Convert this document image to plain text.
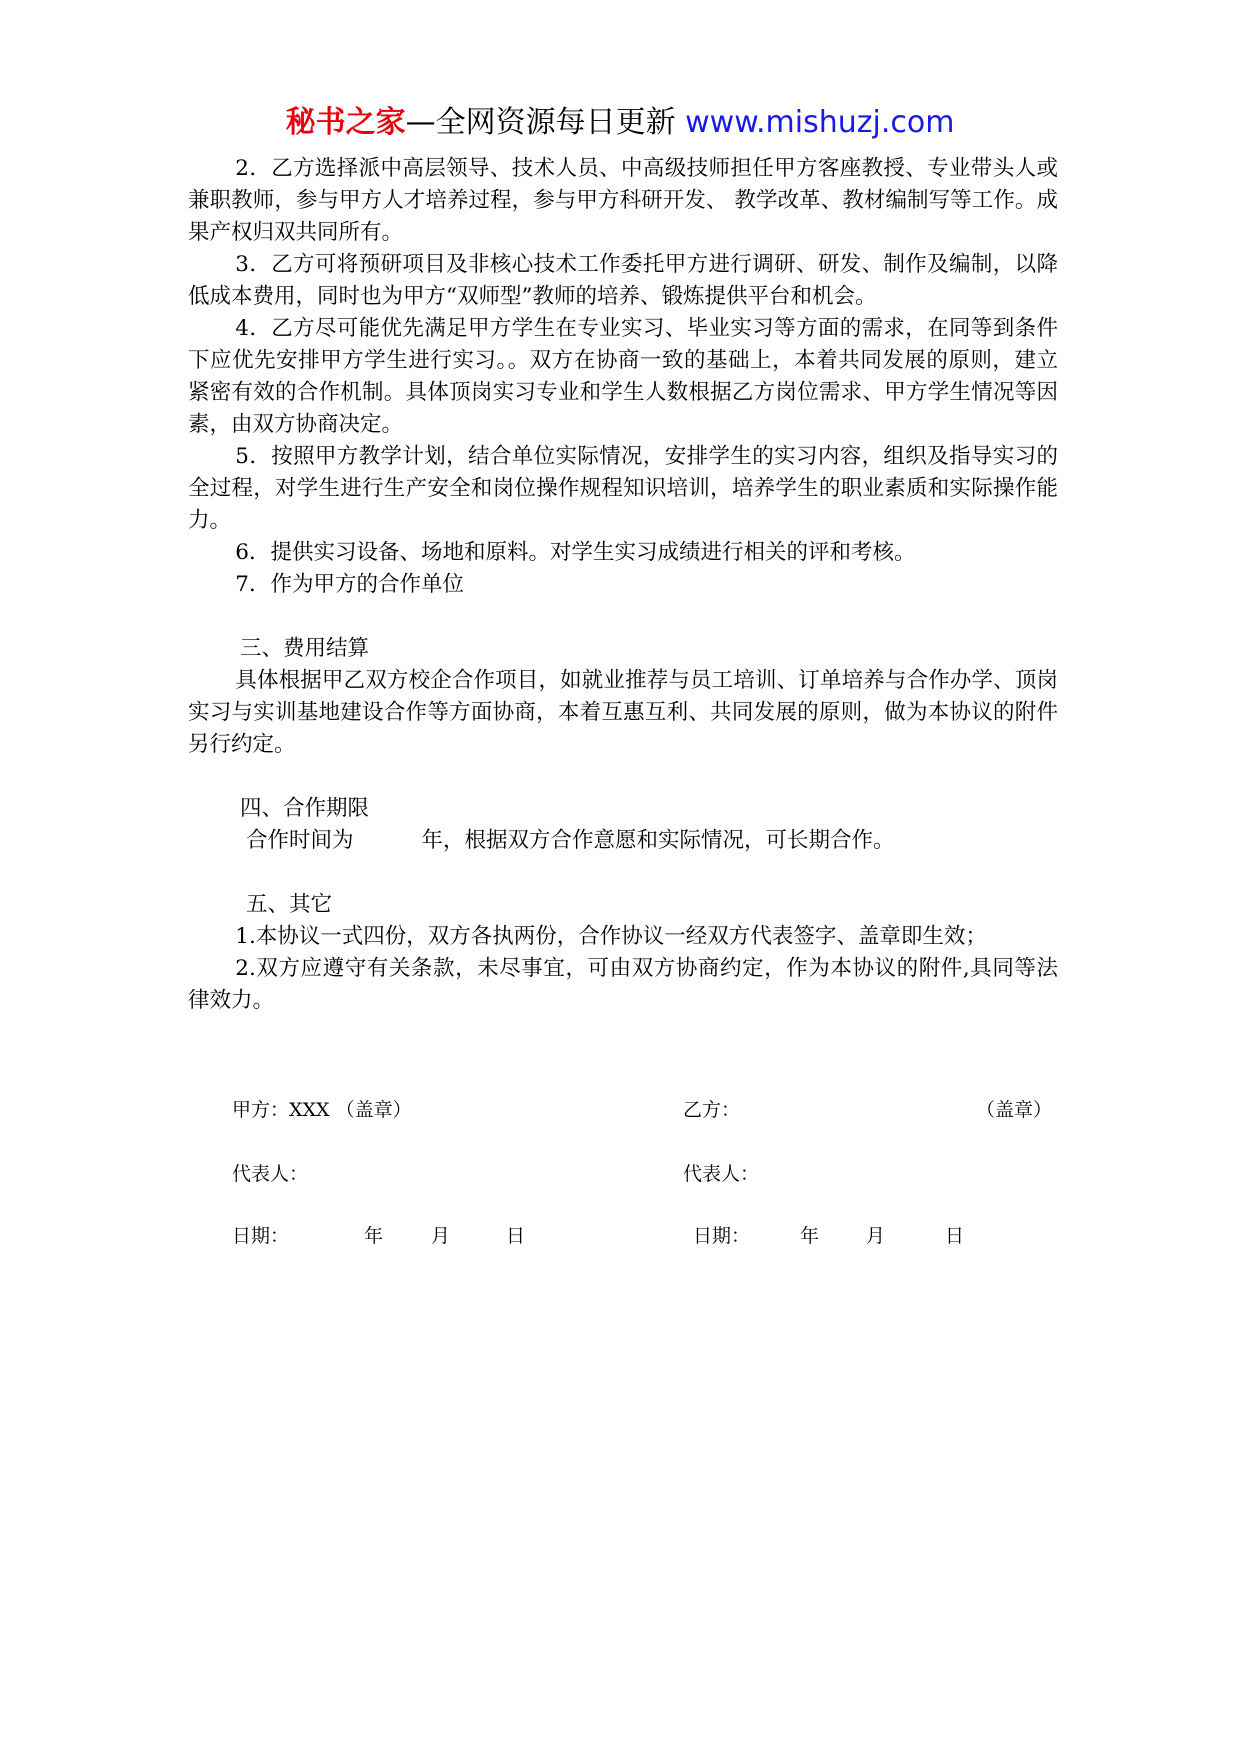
秘书之家—全网资源每日更新 www.mishuzj.com

2．乙方选择派中高层领导、技术人员、中高级技师担任甲方客座教授、专业带头人或兼职教师，参与甲方人才培养过程，参与甲方科研开发、 教学改革、教材编制写等工作。成果产权归双共同所有。

3．乙方可将预研项目及非核心技术工作委托甲方进行调研、研发、制作及编制，以降低成本费用，同时也为甲方“双师型”教师的培养、锻炼提供平台和机会。

4．乙方尽可能优先满足甲方学生在专业实习、毕业实习等方面的需求，在同等到条件下应优先安排甲方学生进行实习。。双方在协商一致的基础上，本着共同发展的原则，建立紧密有效的合作机制。具体顶岗实习专业和学生人数根据乙方岗位需求、甲方学生情况等因素，由双方协商决定。

5．按照甲方教学计划，结合单位实际情况，安排学生的实习内容，组织及指导实习的全过程，对学生进行生产安全和岗位操作规程知识培训，培养学生的职业素质和实际操作能力。

6．提供实习设备、场地和原料。对学生实习成绩进行相关的评和考核。

7．作为甲方的合作单位

三、费用结算

具体根据甲乙双方校企合作项目，如就业推荐与员工培训、订单培养与合作办学、顶岗实习与实训基地建设合作等方面协商，本着互惠互利、共同发展的原则，做为本协议的附件另行约定。

四、合作期限

合作时间为	年，根据双方合作意愿和实际情况，可长期合作。

五、其它

1.本协议一式四份，双方各执两份，合作协议一经双方代表签字、盖章即生效；

2.双方应遵守有关条款，未尽事宜，可由双方协商约定，作为本协议的附件,具同等法律效力。

甲方：XXX （盖章）	乙方：	（盖章）
代表人：	代表人：
日期：	年	月	日	日期：	年 月	日
